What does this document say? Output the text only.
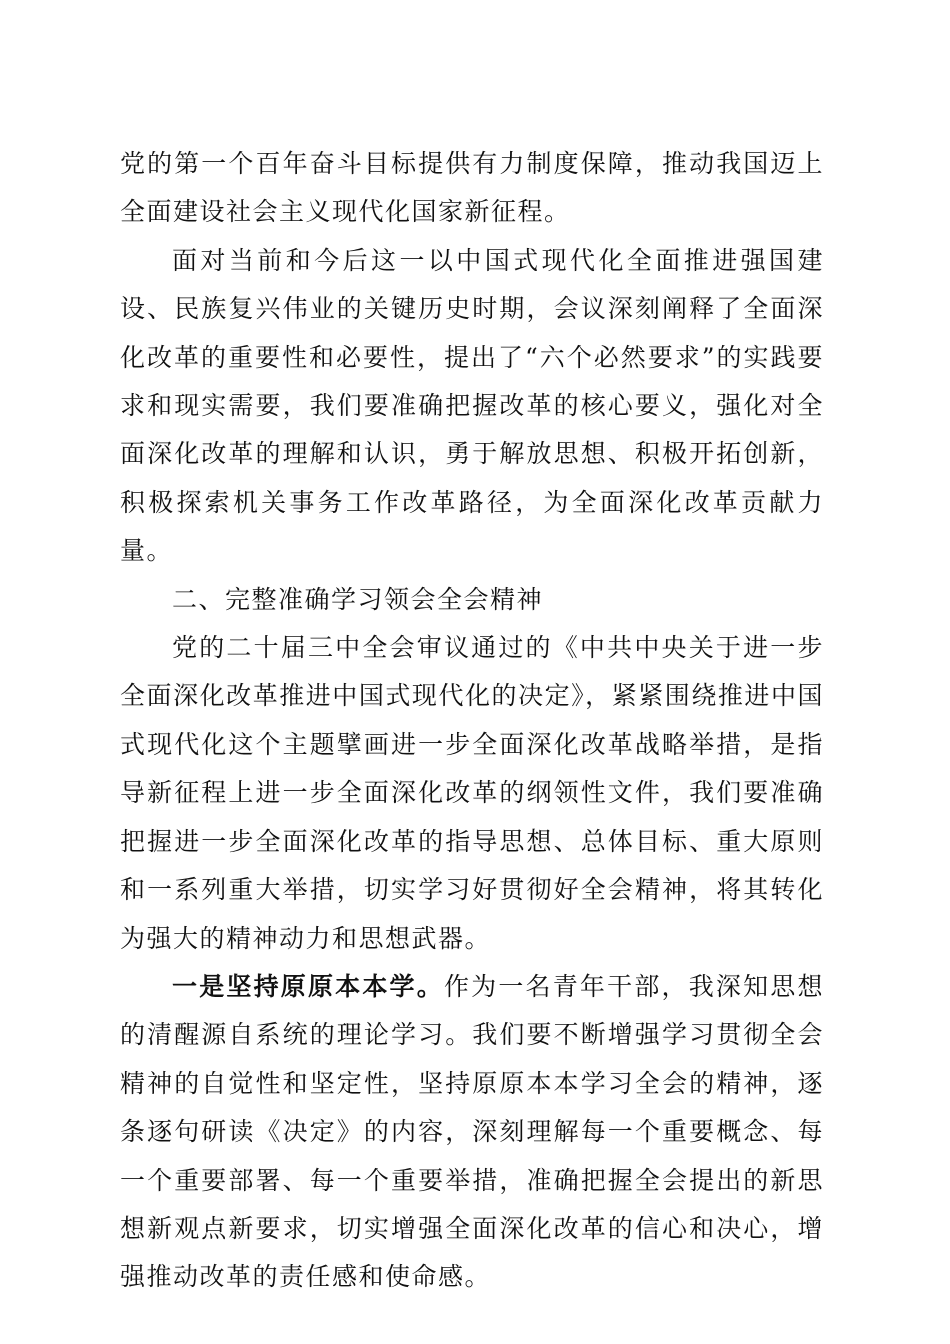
党的第一个百年奋斗目标提供有力制度保障，推动我国迈上全面建设社会主义现代化国家新征程。

面对当前和今后这一以中国式现代化全面推进强国建设、民族复兴伟业的关键历史时期，会议深刻阐释了全面深化改革的重要性和必要性，提出了“六个必然要求”的实践要求和现实需要，我们要准确把握改革的核心要义，强化对全面深化改革的理解和认识，勇于解放思想、积极开拓创新，积极探索机关事务工作改革路径，为全面深化改革贡献力量。

二、完整准确学习领会全会精神

党的二十届三中全会审议通过的《中共中央关于进一步全面深化改革推进中国式现代化的决定》，紧紧围绕推进中国式现代化这个主题擘画进一步全面深化改革战略举措，是指导新征程上进一步全面深化改革的纲领性文件，我们要准确把握进一步全面深化改革的指导思想、总体目标、重大原则和一系列重大举措，切实学习好贯彻好全会精神，将其转化为强大的精神动力和思想武器。

一是坚持原原本本学。作为一名青年干部，我深知思想的清醒源自系统的理论学习。我们要不断增强学习贯彻全会精神的自觉性和坚定性，坚持原原本本学习全会的精神，逐条逐句研读《决定》的内容，深刻理解每一个重要概念、每一个重要部署、每一个重要举措，准确把握全会提出的新思想新观点新要求，切实增强全面深化改革的信心和决心，增强推动改革的责任感和使命感。
